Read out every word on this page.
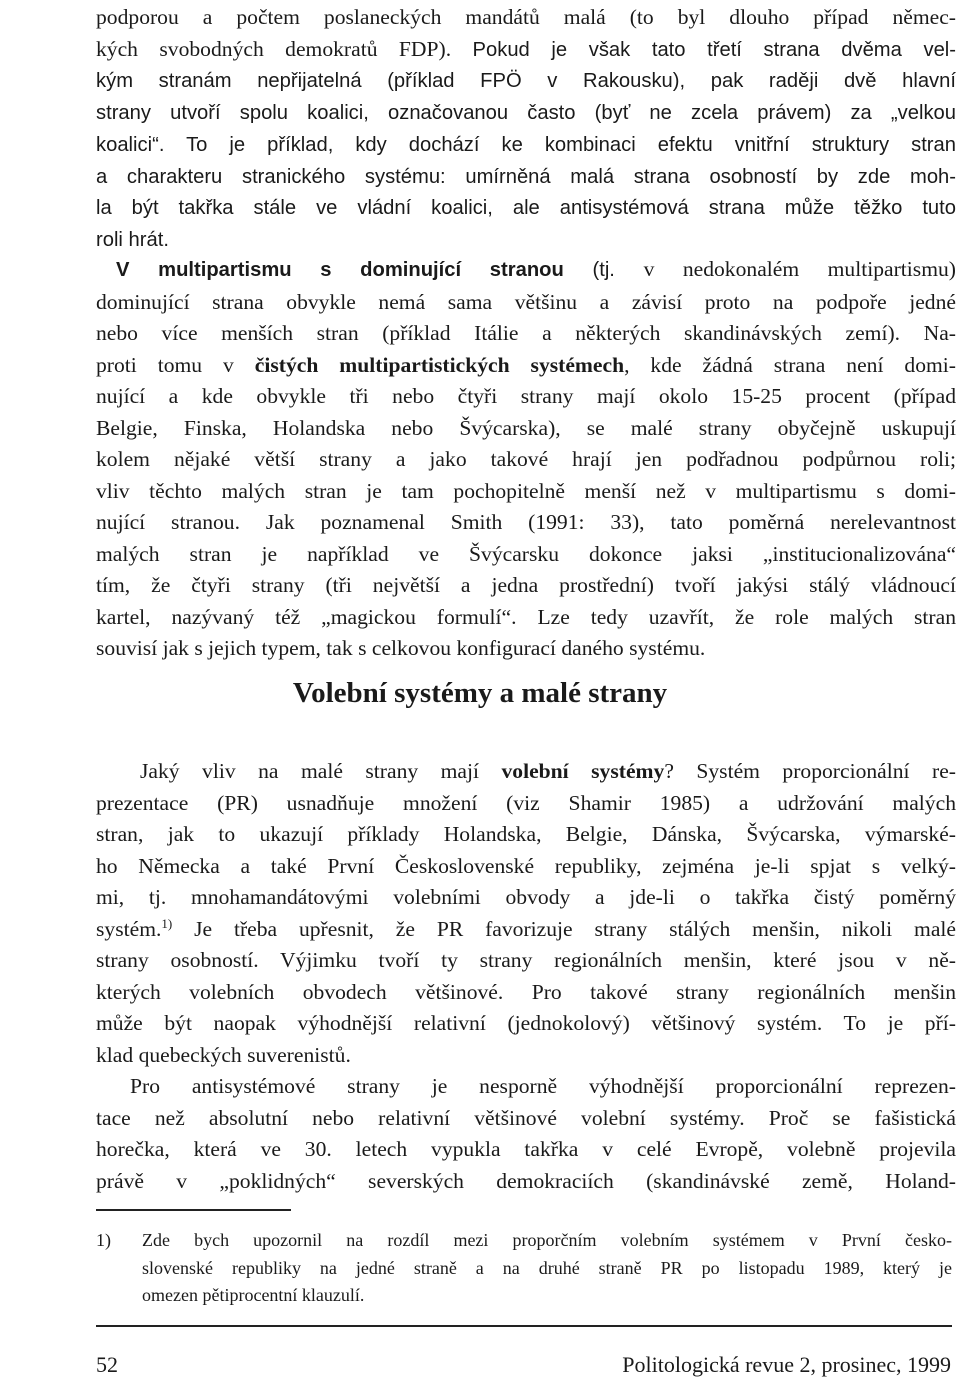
podporou a počtem poslaneckých mandátů malá (to byl dlouho případ němec-
kých svobodných demokratů FDP). Pokud je však tato třetí strana dvěma vel-
kým stranám nepřijatelná (příklad FPÖ v Rakousku), pak raději dvě hlavní
strany utvoří spolu koalici, označovanou často (byť ne zcela právem) za „velkou
koalici“. To je příklad, kdy dochází ke kombinaci efektu vnitřní struktury stran
a charakteru stranického systému: umírněná malá strana osobností by zde moh-
la být takřka stále ve vládní koalici, ale antisystémová strana může těžko tuto
roli hrát.
V multipartismu s dominující stranou (tj. v nedokonalém multipartismu)
dominující strana obvykle nemá sama většinu a závisí proto na podpoře jedné
nebo více menších stran (příklad Itálie a některých skandinávských zemí). Na-
proti tomu v čistých multipartistických systémech, kde žádná strana není domi-
nující a kde obvykle tři nebo čtyři strany mají okolo 15-25 procent (případ
Belgie, Finska, Holandska nebo Švýcarska), se malé strany obyčejně uskupují
kolem nějaké větší strany a jako takové hrají jen podřadnou podpůrnou roli;
vliv těchto malých stran je tam pochopitelně menší než v multipartismu s domi-
nující stranou. Jak poznamenal Smith (1991: 33), tato poměrná nerelevantnost
malých stran je například ve Švýcarsku dokonce jaksi „institucionalizována“
tím, že čtyři strany (tři největší a jedna prostřední) tvoří jakýsi stálý vládnoucí
kartel, nazývaný též „magickou formulí“. Lze tedy uzavřít, že role malých stran
souvisí jak s jejich typem, tak s celkovou konfigurací daného systému.
Volební systémy a malé strany
Jaký vliv na malé strany mají volební systémy? Systém proporcionální re-
prezentace (PR) usnadňuje množení (viz Shamir 1985) a udržování malých
stran, jak to ukazují příklady Holandska, Belgie, Dánska, Švýcarska, výmarské-
ho Německa a také První Československé republiky, zejména je-li spjat s velký-
mi, tj. mnohamandátovými volebními obvody a jde-li o takřka čistý poměrný
systém.$^{1)}$ Je třeba upřesnit, že PR favorizuje strany stálých menšin, nikoli malé
strany osobností. Výjimku tvoří ty strany regionálních menšin, které jsou v ně-
kterých volebních obvodech většinové. Pro takové strany regionálních menšin
může být naopak výhodnější relativní (jednokolový) většinový systém. To je pří-
klad quebeckých suverenistů.
Pro antisystémové strany je nesporně výhodnější proporcionální reprezen-
tace než absolutní nebo relativní většinové volební systémy. Proč se fašistická
horečka, která ve 30. letech vypukla takřka v celé Evropě, volebně projevila
právě v „poklidných“ severských demokraciích (skandinávské země, Holand-
1)	Zde bych upozornil na rozdíl mezi proporčním volebním systémem v První česko-
slovenské republiky na jedné straně a na druhé straně PR po listopadu 1989, který je
omezen pětiprocentní klauzulí.
52	Politologická revue 2, prosinec, 1999
